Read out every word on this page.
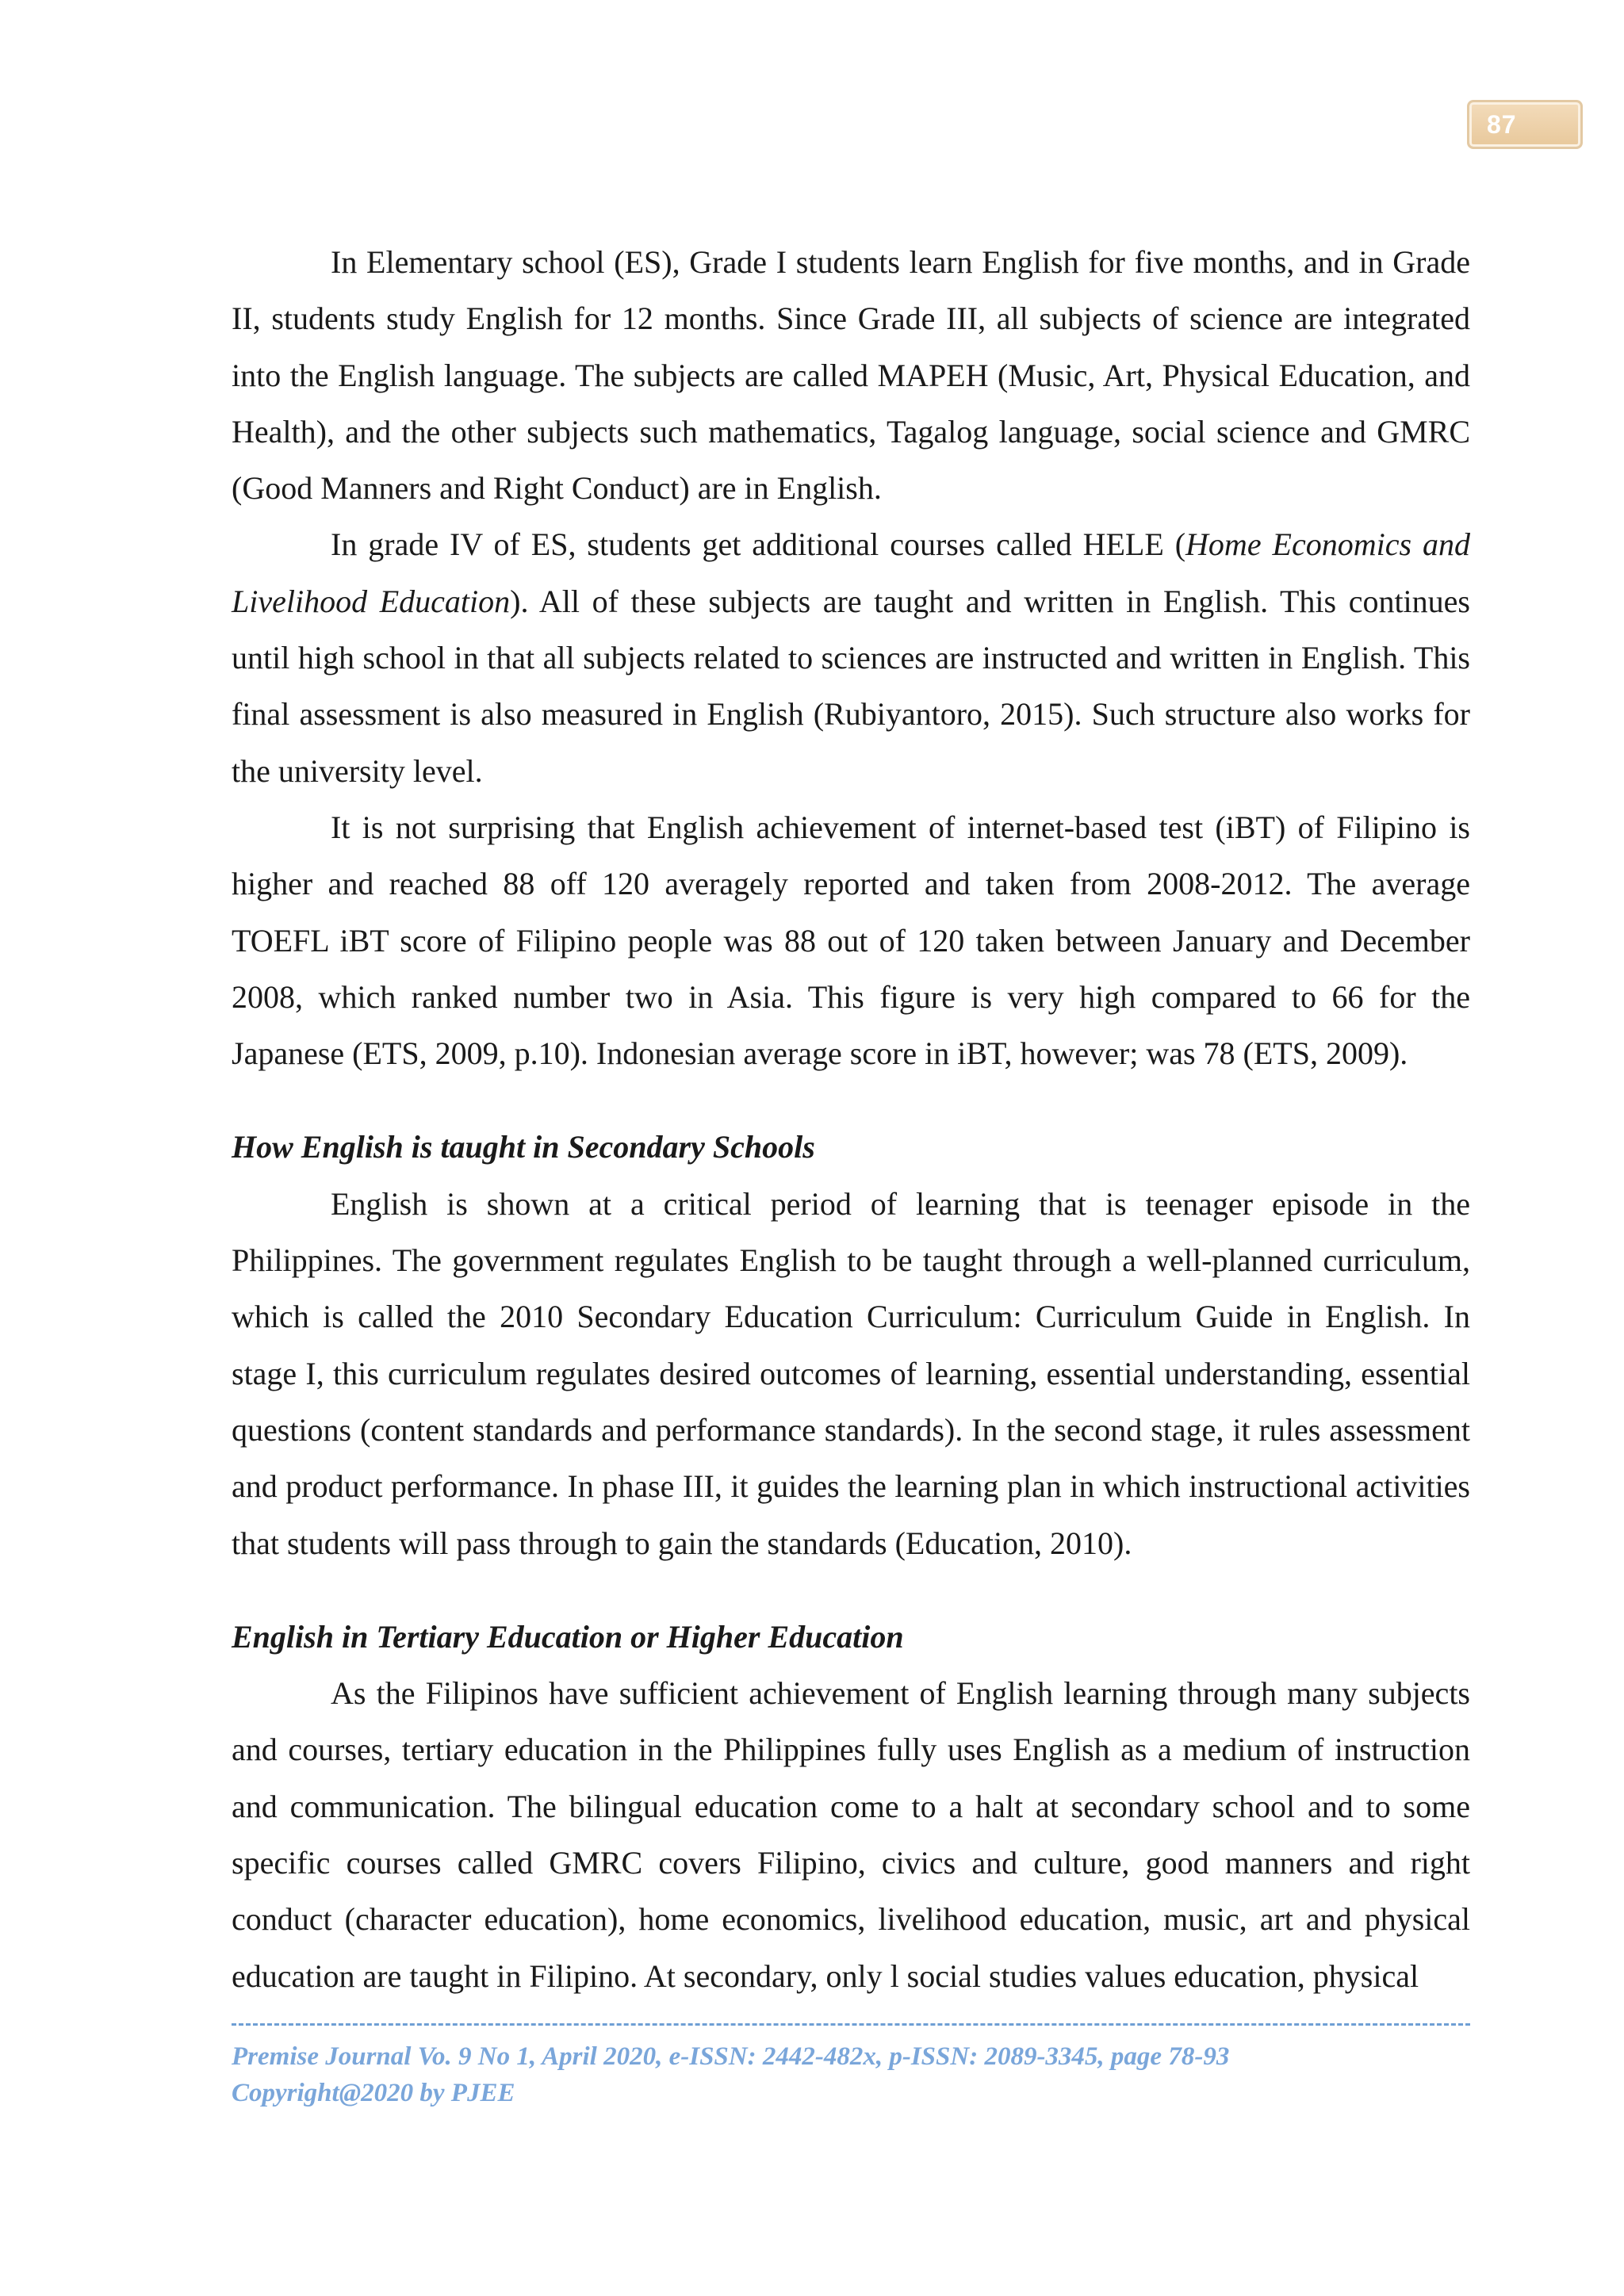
87

In Elementary school (ES), Grade I students learn English for five months, and in Grade II, students study English for 12 months. Since Grade III, all subjects of science are integrated into the English language. The subjects are called MAPEH (Music, Art, Physical Education, and Health), and the other subjects such mathematics, Tagalog language, social science and GMRC (Good Manners and Right Conduct) are in English.

In grade IV of ES, students get additional courses called HELE (Home Economics and Livelihood Education). All of these subjects are taught and written in English. This continues until high school in that all subjects related to sciences are instructed and written in English. This final assessment is also measured in English (Rubiyantoro, 2015). Such structure also works for the university level.

It is not surprising that English achievement of internet-based test (iBT) of Filipino is higher and reached 88 off 120 averagely reported and taken from 2008-2012. The average TOEFL iBT score of Filipino people was 88 out of 120 taken between January and December 2008, which ranked number two in Asia. This figure is very high compared to 66 for the Japanese (ETS, 2009, p.10). Indonesian average score in iBT, however; was 78 (ETS, 2009).

How English is taught in Secondary Schools

English is shown at a critical period of learning that is teenager episode in the Philippines. The government regulates English to be taught through a well-planned curriculum, which is called the 2010 Secondary Education Curriculum: Curriculum Guide in English. In stage I, this curriculum regulates desired outcomes of learning, essential understanding, essential questions (content standards and performance standards). In the second stage, it rules assessment and product performance. In phase III, it guides the learning plan in which instructional activities that students will pass through to gain the standards (Education, 2010).

English in Tertiary Education or Higher Education

As the Filipinos have sufficient achievement of English learning through many subjects and courses, tertiary education in the Philippines fully uses English as a medium of instruction and communication. The bilingual education come to a halt at secondary school and to some specific courses called GMRC covers Filipino, civics and culture, good manners and right conduct (character education), home economics, livelihood education, music, art and physical education are taught in Filipino. At secondary, only l social studies values education, physical

Premise Journal Vo. 9 No 1, April 2020, e-ISSN: 2442-482x, p-ISSN: 2089-3345, page 78-93
Copyright@2020 by PJEE
